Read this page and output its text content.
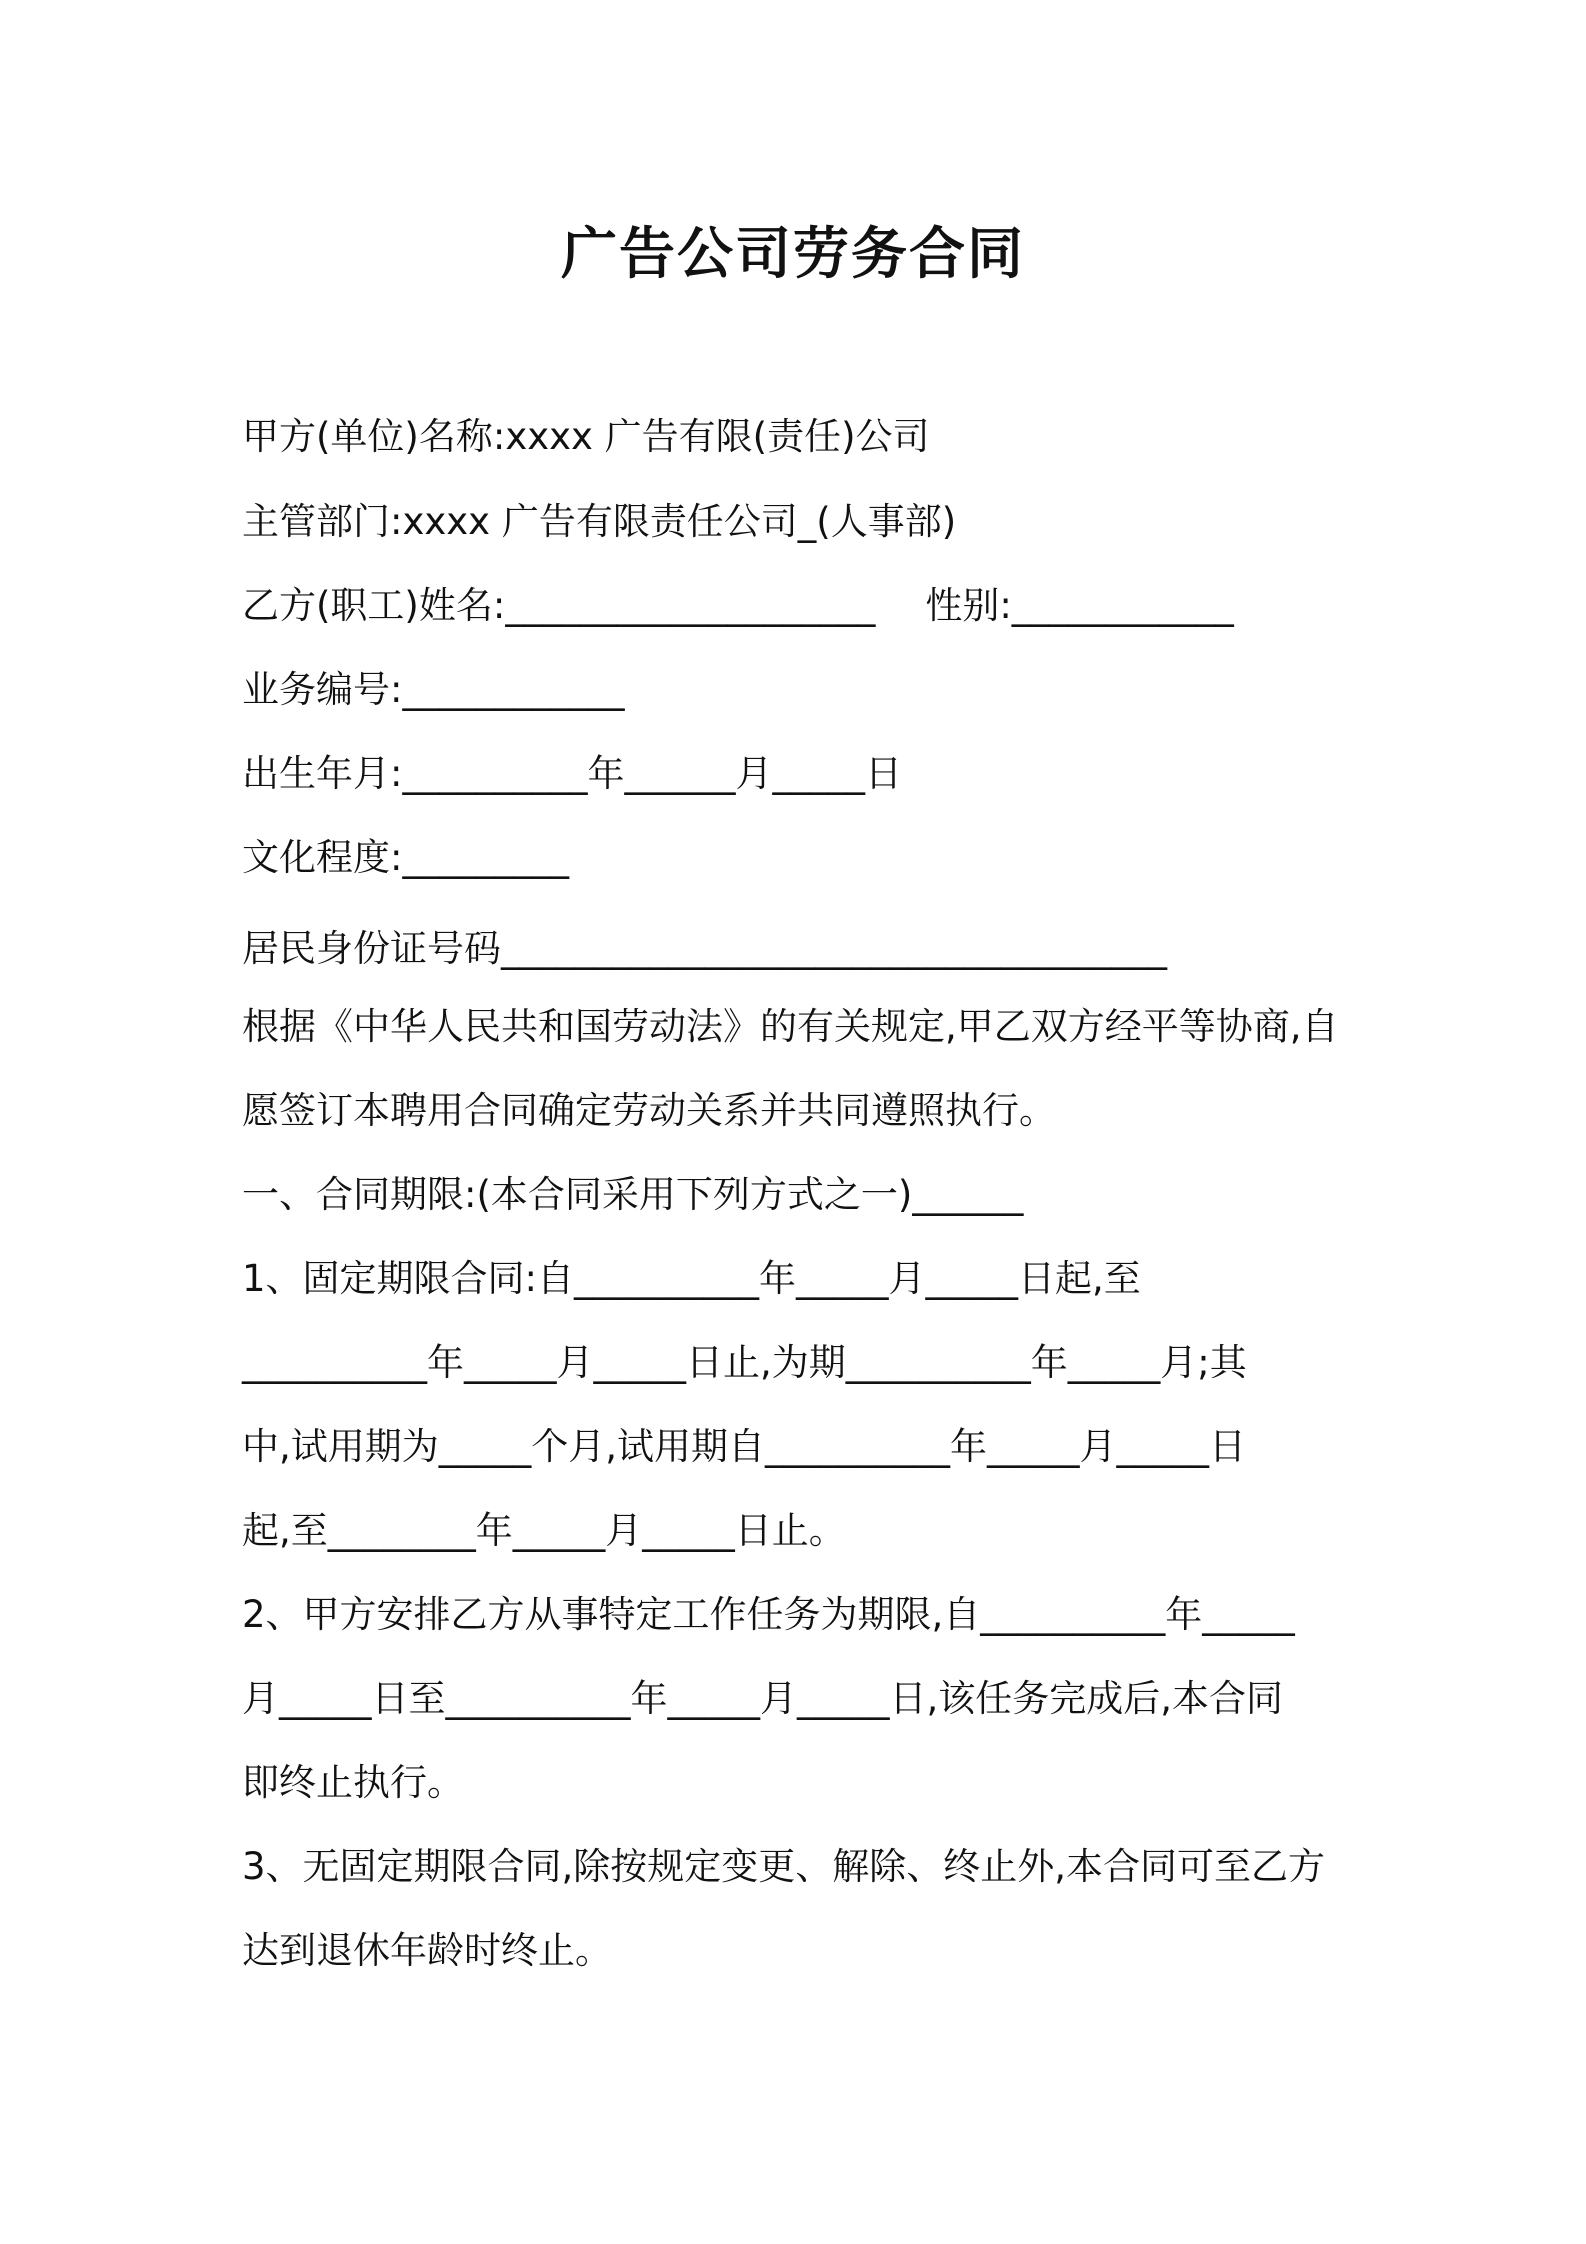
广告公司劳务合同
甲方(单位)名称:xxxx 广告有限(责任)公司
主管部门:xxxx 广告有限责任公司_(人事部)
乙方(职工)姓名:____________________ 性别:____________
业务编号:____________
出生年月:__________年______月_____日
文化程度:_________
居民身份证号码____________________________________
根据《中华人民共和国劳动法》的有关规定,甲乙双方经平等协商,自
愿签订本聘用合同确定劳动关系并共同遵照执行。
一、合同期限:(本合同采用下列方式之一)______
1、固定期限合同:自__________年_____月_____日起,至
__________年_____月_____日止,为期__________年_____月;其
中,试用期为_____个月,试用期自__________年_____月_____日
起,至________年_____月_____日止。
2、甲方安排乙方从事特定工作任务为期限,自__________年_____
月_____日至__________年_____月_____日,该任务完成后,本合同
即终止执行。
3、无固定期限合同,除按规定变更、解除、终止外,本合同可至乙方
达到退休年龄时终止。
